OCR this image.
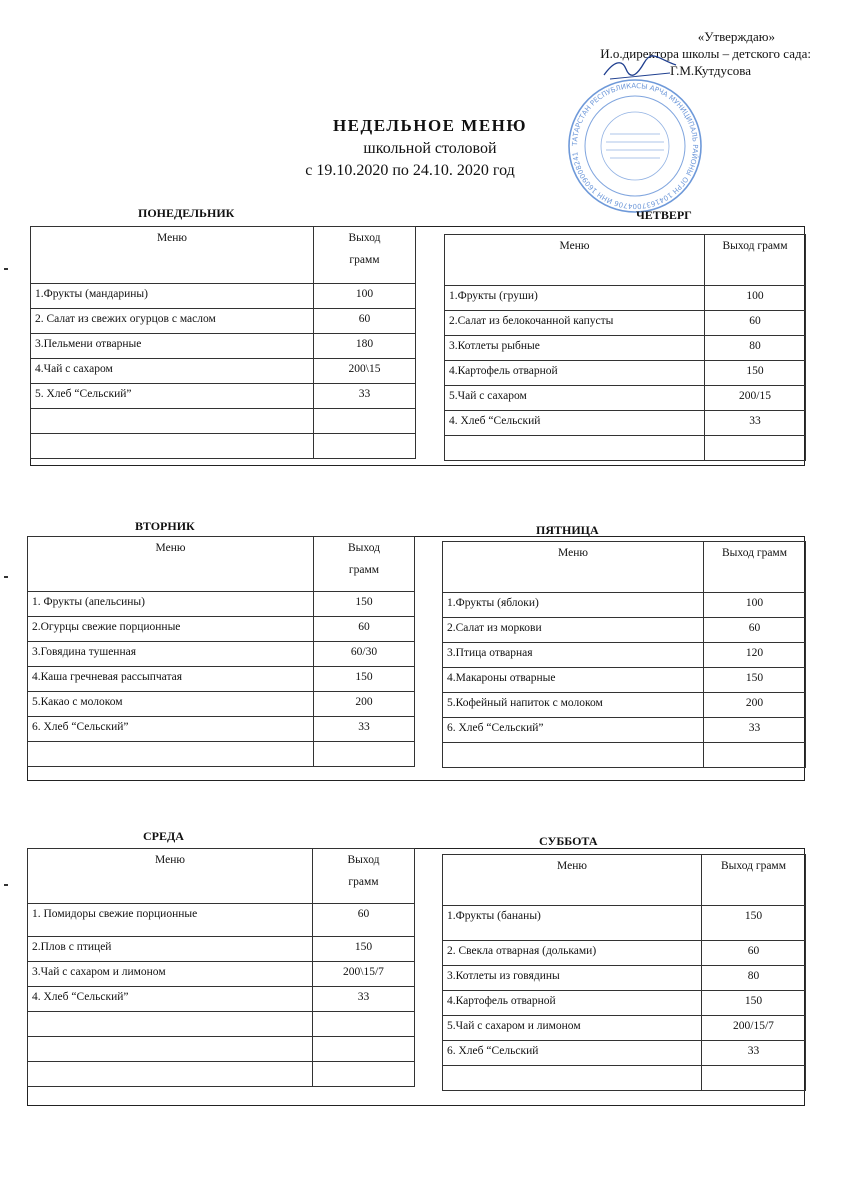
«Утверждаю»
И.о.директора школы – детского сада:
Г.М.Кутдусова
ТАТАРСТАН РЕСПУБЛИКАСЫ АРЧА МУНИЦИПАЛЬ РАЙОНЫ ОГРН 1041637004706 ИНН 1609008241
НЕДЕЛЬНОЕ МЕНЮ
школьной столовой
с 19.10.2020 по 24.10. 2020 год
ПОНЕДЕЛЬНИК	ЧЕТВЕРГ
Меню	Выход
грамм

1.Фрукты (мандарины)	100
2. Салат из свежих огурцов с маслом	60
3.Пельмени отварные	180
4.Чай с сахаром	200\15
5. Хлеб “Сельский”	33

Меню	Выход грамм
1.Фрукты (груши)	100
2.Салат из белокочанной капусты	60
3.Котлеты рыбные	80
4.Картофель отварной	150
5.Чай с сахаром	200/15
4. Хлеб “Сельский	33

ВТОРНИК	ПЯТНИЦА
Меню	Выход
грамм

1. Фрукты (апельсины)	150
2.Огурцы свежие порционные	60
3.Говядина тушенная	60/30
4.Каша гречневая рассыпчатая	150
5.Какао с молоком	200
6. Хлеб “Сельский”	33

Меню	Выход грамм
1.Фрукты (яблоки)	100
2.Салат из моркови	60
3.Птица отварная	120
4.Макароны отварные	150
5.Кофейный напиток с молоком	200
6. Хлеб “Сельский”	33

СРЕДА	СУББОТА
Меню	Выход
грамм

1. Помидоры свежие порционные	60
2.Плов с птицей	150
3.Чай с сахаром и лимоном	200\15/7
4. Хлеб “Сельский”	33

Меню	Выход грамм
1.Фрукты (бананы)	150
2. Свекла отварная (дольками)	60
3.Котлеты из говядины	80
4.Картофель отварной	150
5.Чай с сахаром и лимоном	200/15/7
6. Хлеб “Сельский	33
